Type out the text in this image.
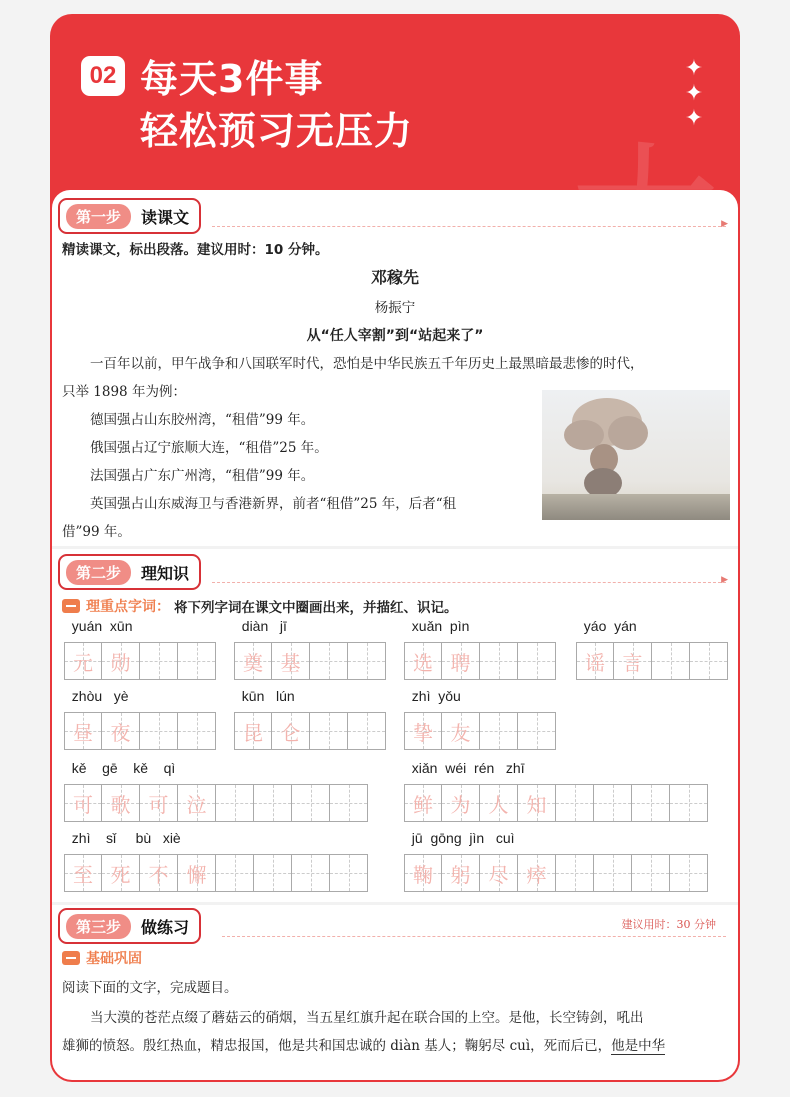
02 每天3件事
轻松预习无压力
✦
✦
✦
第一步	读课文	▶
精读课文，标出段落。建议用时：10 分钟。
邓稼先
杨振宁
从“任人宰割”到“站起来了”
一百年以前，甲午战争和八国联军时代，恐怕是中华民族五千年历史上最黑暗最悲惨的时代，
只举 1898 年为例：
德国强占山东胶州湾，“租借”99 年。
俄国强占辽宁旅顺大连，“租借”25 年。
法国强占广东广州湾，“租借”99 年。
英国强占山东威海卫与香港新界，前者“租借”25 年，后者“租
借”99 年。
第二步	理知识	▶
理重点字词： 将下列字词在课文中圈画出来，并描红、识记。
yuán  xūn
元 勋
diàn   jī
奠 基
xuǎn  pìn
选 聘
yáo  yán
谣 言
zhòu   yè
昼 夜
kūn   lún
昆 仑
zhì  yǒu
挚 友
kě    gē    kě    qì
可 歌 可 泣
xiǎn  wéi  rén   zhī
鲜 为 人 知
zhì    sǐ     bù   xiè
至 死 不 懈
jū  gōng  jìn   cuì
鞠 躬 尽 瘁
第三步	做练习	建议用时：30 分钟
基础巩固
阅读下面的文字，完成题目。
当大漠的苍茫点缀了蘑菇云的硝烟，当五星红旗升起在联合国的上空。是他，长空铸剑，吼出
雄狮的愤怒。殷红热血，精忠报国，他是共和国忠诚的 diàn 基人；鞠躬尽 cuì，死而后已，他是中华
